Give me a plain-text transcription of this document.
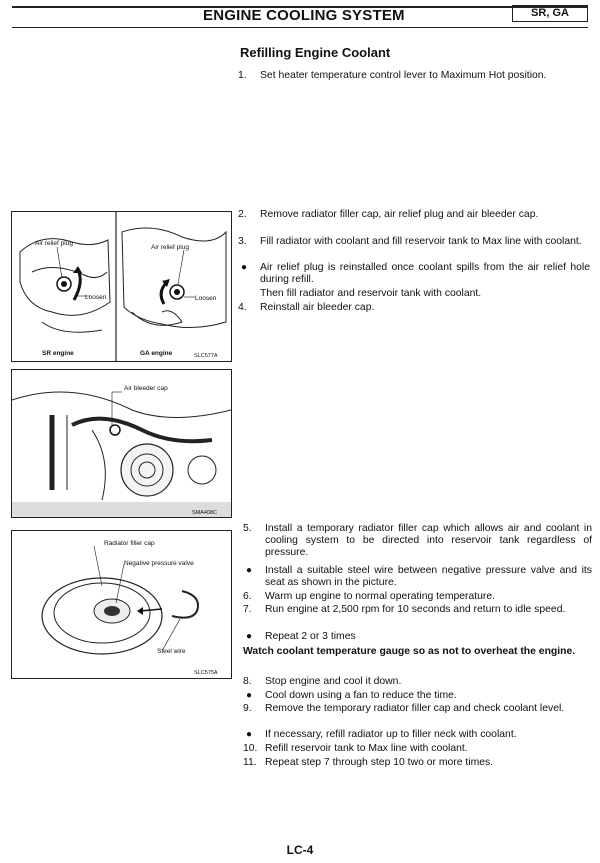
ENGINE COOLING SYSTEM	SR, GA
Refilling Engine Coolant
1. Set heater temperature control lever to Maximum Hot position.
2. Remove radiator filler cap, air relief plug and air bleeder cap.
3. Fill radiator with coolant and fill reservoir tank to Max line with coolant.
● Air relief plug is reinstalled once coolant spills from the air relief hole during refill.
Then fill radiator and reservoir tank with coolant.
4. Reinstall air bleeder cap.
5. Install a temporary radiator filler cap which allows air and coolant in cooling system to be directed into reservoir tank regardless of pressure.
● Install a suitable steel wire between negative pressure valve and its seat as shown in the picture.
6. Warm up engine to normal operating temperature.
7. Run engine at 2,500 rpm for 10 seconds and return to idle speed.
● Repeat 2 or 3 times
Watch coolant temperature gauge so as not to overheat the engine.
8. Stop engine and cool it down.
● Cool down using a fan to reduce the time.
9. Remove the temporary radiator filler cap and check coolant level.
● If necessary, refill radiator up to filler neck with coolant.
10. Refill reservoir tank to Max line with coolant.
11. Repeat step 7 through step 10 two or more times.
Air relief plug
Loosen
SR engine
Air relief plug
Loosen
GA engine	SLC577A
Air bleeder cap
SMA408C
Radiator filler cap
Negative pressure valve
Steel wire
SLC575A
LC-4
